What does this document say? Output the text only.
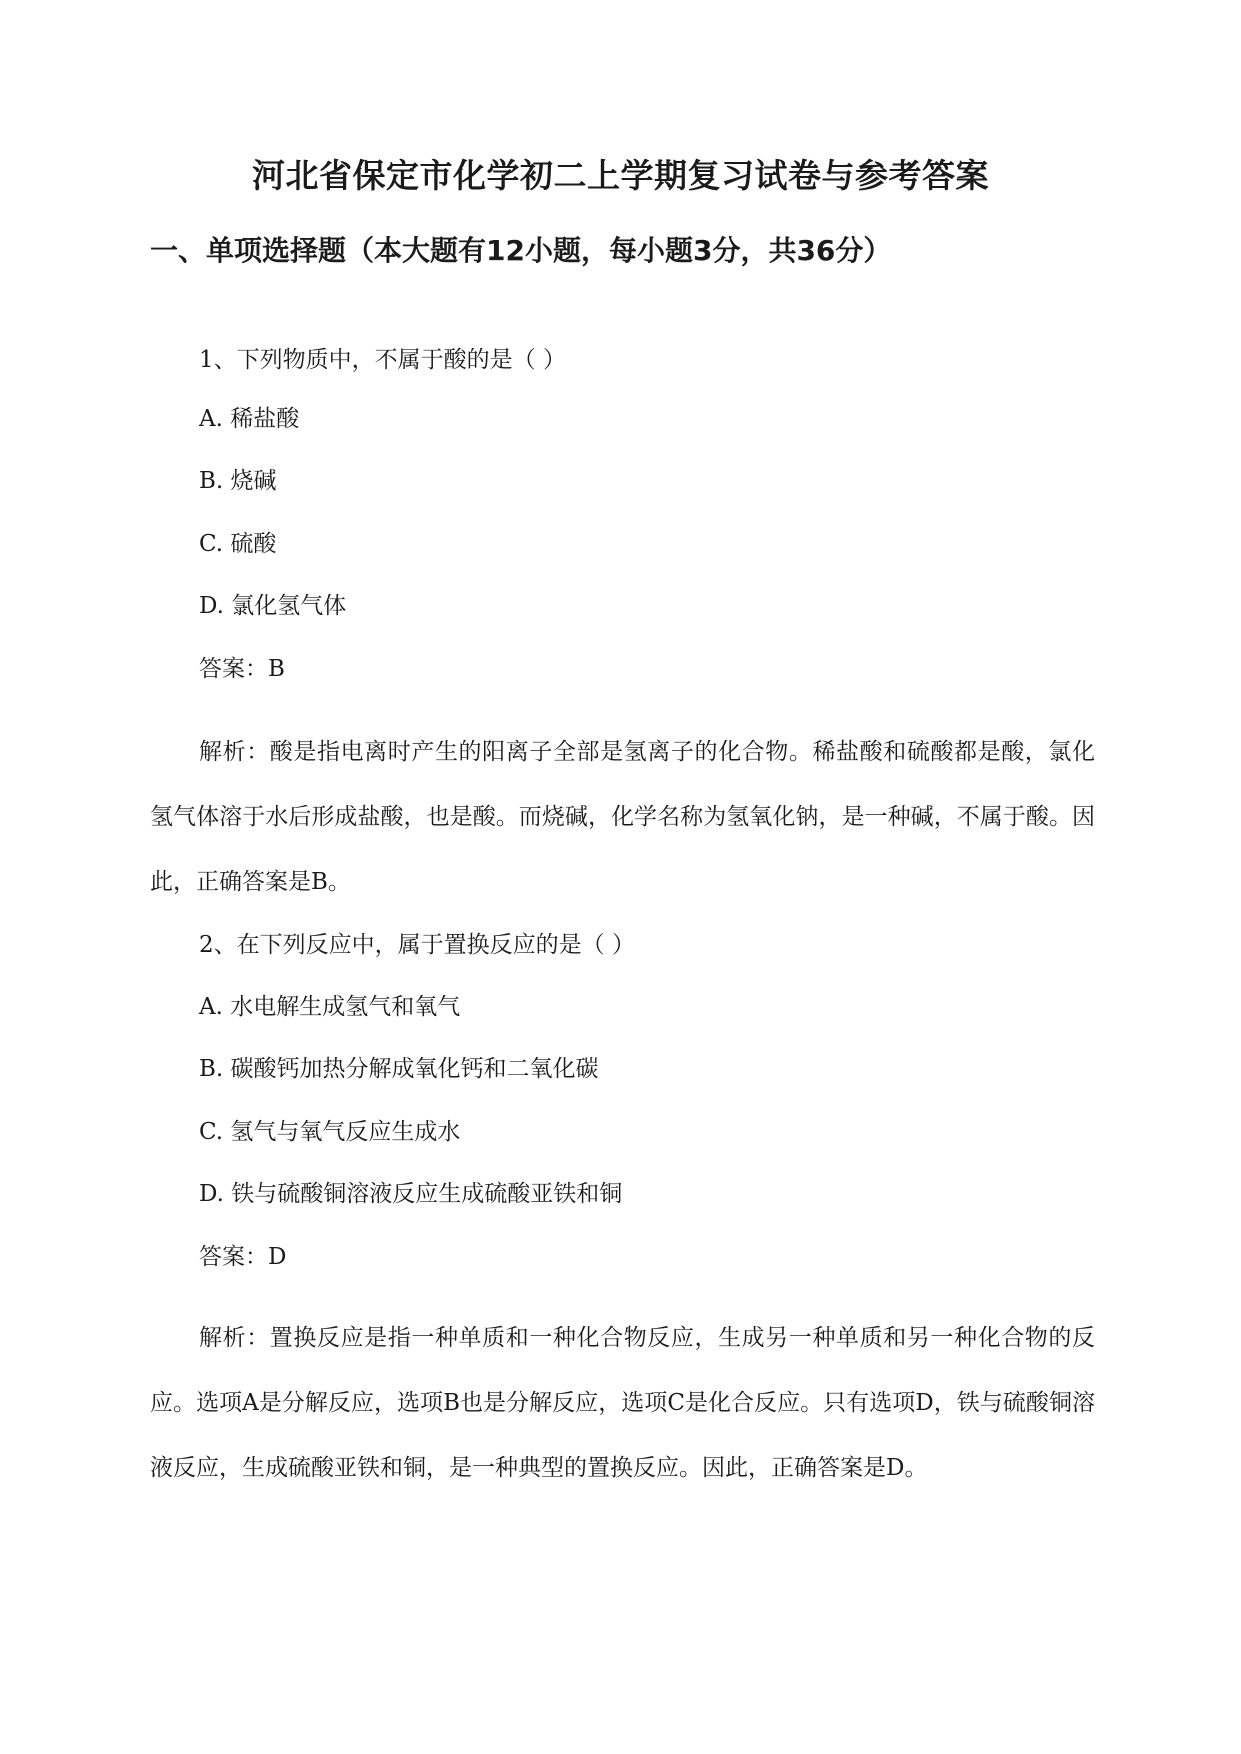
河北省保定市化学初二上学期复习试卷与参考答案
一、单项选择题（本大题有12小题，每小题3分，共36分）
1、下列物质中，不属于酸的是（ ）
A. 稀盐酸
B. 烧碱
C. 硫酸
D. 氯化氢气体
答案：B
解析：酸是指电离时产生的阳离子全部是氢离子的化合物。稀盐酸和硫酸都是酸，氯化氢气体溶于水后形成盐酸，也是酸。而烧碱，化学名称为氢氧化钠，是一种碱，不属于酸。因此，正确答案是B。
2、在下列反应中，属于置换反应的是（ ）
A. 水电解生成氢气和氧气
B. 碳酸钙加热分解成氧化钙和二氧化碳
C. 氢气与氧气反应生成水
D. 铁与硫酸铜溶液反应生成硫酸亚铁和铜
答案：D
解析：置换反应是指一种单质和一种化合物反应，生成另一种单质和另一种化合物的反应。选项A是分解反应，选项B也是分解反应，选项C是化合反应。只有选项D，铁与硫酸铜溶液反应，生成硫酸亚铁和铜，是一种典型的置换反应。因此，正确答案是D。
